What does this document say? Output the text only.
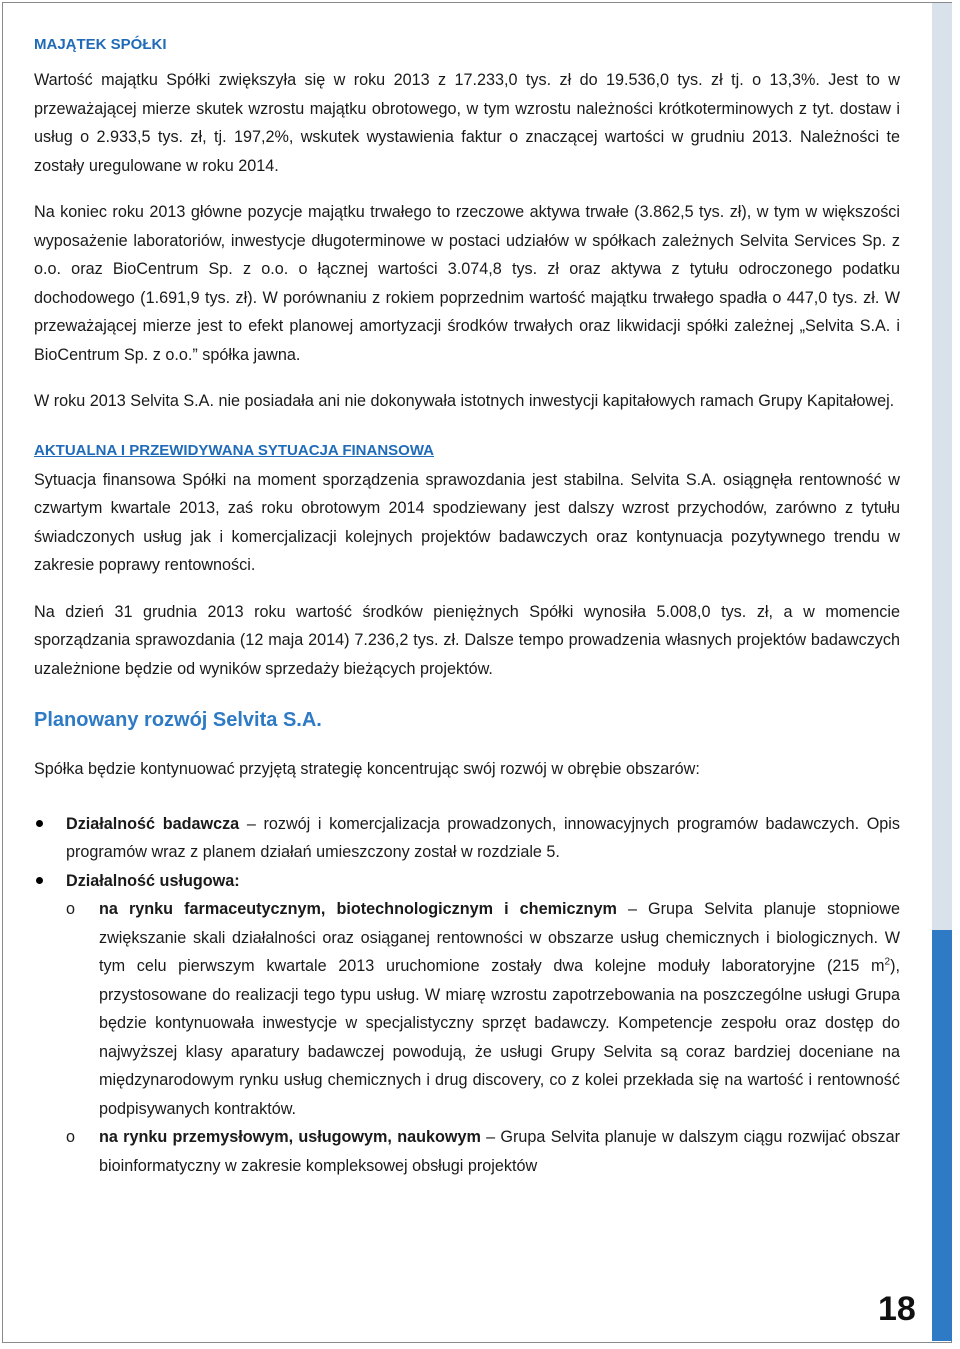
MAJĄTEK SPÓŁKI

Wartość majątku Spółki zwiększyła się w roku 2013 z 17.233,0 tys. zł do 19.536,0 tys. zł tj. o 13,3%. Jest to w przeważającej mierze skutek wzrostu majątku obrotowego, w tym wzrostu należności krótkoterminowych z tyt. dostaw i usług o 2.933,5 tys. zł, tj. 197,2%, wskutek wystawienia faktur o znaczącej wartości w grudniu 2013. Należności te zostały uregulowane w roku 2014.

Na koniec roku 2013 główne pozycje majątku trwałego to rzeczowe aktywa trwałe (3.862,5 tys. zł), w tym w większości wyposażenie laboratoriów, inwestycje długoterminowe w postaci udziałów w spółkach zależnych Selvita Services Sp. z o.o. oraz BioCentrum Sp. z o.o. o łącznej wartości 3.074,8 tys. zł oraz aktywa z tytułu odroczonego podatku dochodowego (1.691,9 tys. zł). W porównaniu z rokiem poprzednim wartość majątku trwałego spadła o 447,0 tys. zł. W przeważającej mierze jest to efekt planowej amortyzacji środków trwałych oraz likwidacji spółki zależnej „Selvita S.A. i BioCentrum Sp. z o.o.” spółka jawna.

W roku 2013 Selvita S.A. nie posiadała ani nie dokonywała istotnych inwestycji kapitałowych ramach Grupy Kapitałowej.

AKTUALNA I PRZEWIDYWANA SYTUACJA FINANSOWA

Sytuacja finansowa Spółki na moment sporządzenia sprawozdania jest stabilna. Selvita S.A. osiągnęła rentowność w czwartym kwartale 2013, zaś roku obrotowym 2014 spodziewany jest dalszy wzrost przychodów, zarówno z tytułu świadczonych usług jak i komercjalizacji kolejnych projektów badawczych oraz kontynuacja pozytywnego trendu w zakresie poprawy rentowności.

Na dzień 31 grudnia 2013 roku wartość środków pieniężnych Spółki wynosiła 5.008,0 tys. zł, a w momencie sporządzania sprawozdania (12 maja 2014) 7.236,2 tys. zł. Dalsze tempo prowadzenia własnych projektów badawczych uzależnione będzie od wyników sprzedaży bieżących projektów.

Planowany rozwój Selvita S.A.

Spółka będzie kontynuować przyjętą strategię koncentrując swój rozwój w obrębie obszarów:

Działalność badawcza – rozwój i komercjalizacja prowadzonych, innowacyjnych programów badawczych. Opis programów wraz z planem działań umieszczony został w rozdziale 5.

Działalność usługowa:

o na rynku farmaceutycznym, biotechnologicznym i chemicznym – Grupa Selvita planuje stopniowe zwiększanie skali działalności oraz osiąganej rentowności w obszarze usług chemicznych i biologicznych. W tym celu pierwszym kwartale 2013 uruchomione zostały dwa kolejne moduły laboratoryjne (215 $m^2$), przystosowane do realizacji tego typu usług. W miarę wzrostu zapotrzebowania na poszczególne usługi Grupa będzie kontynuowała inwestycje w specjalistyczny sprzęt badawczy. Kompetencje zespołu oraz dostęp do najwyższej klasy aparatury badawczej powodują, że usługi Grupy Selvita są coraz bardziej doceniane na międzynarodowym rynku usług chemicznych i drug discovery, co z kolei przekłada się na wartość i rentowność podpisywanych kontraktów.

o na rynku przemysłowym, usługowym, naukowym – Grupa Selvita planuje w dalszym ciągu rozwijać obszar bioinformatyczny w zakresie kompleksowej obsługi projektów

18
